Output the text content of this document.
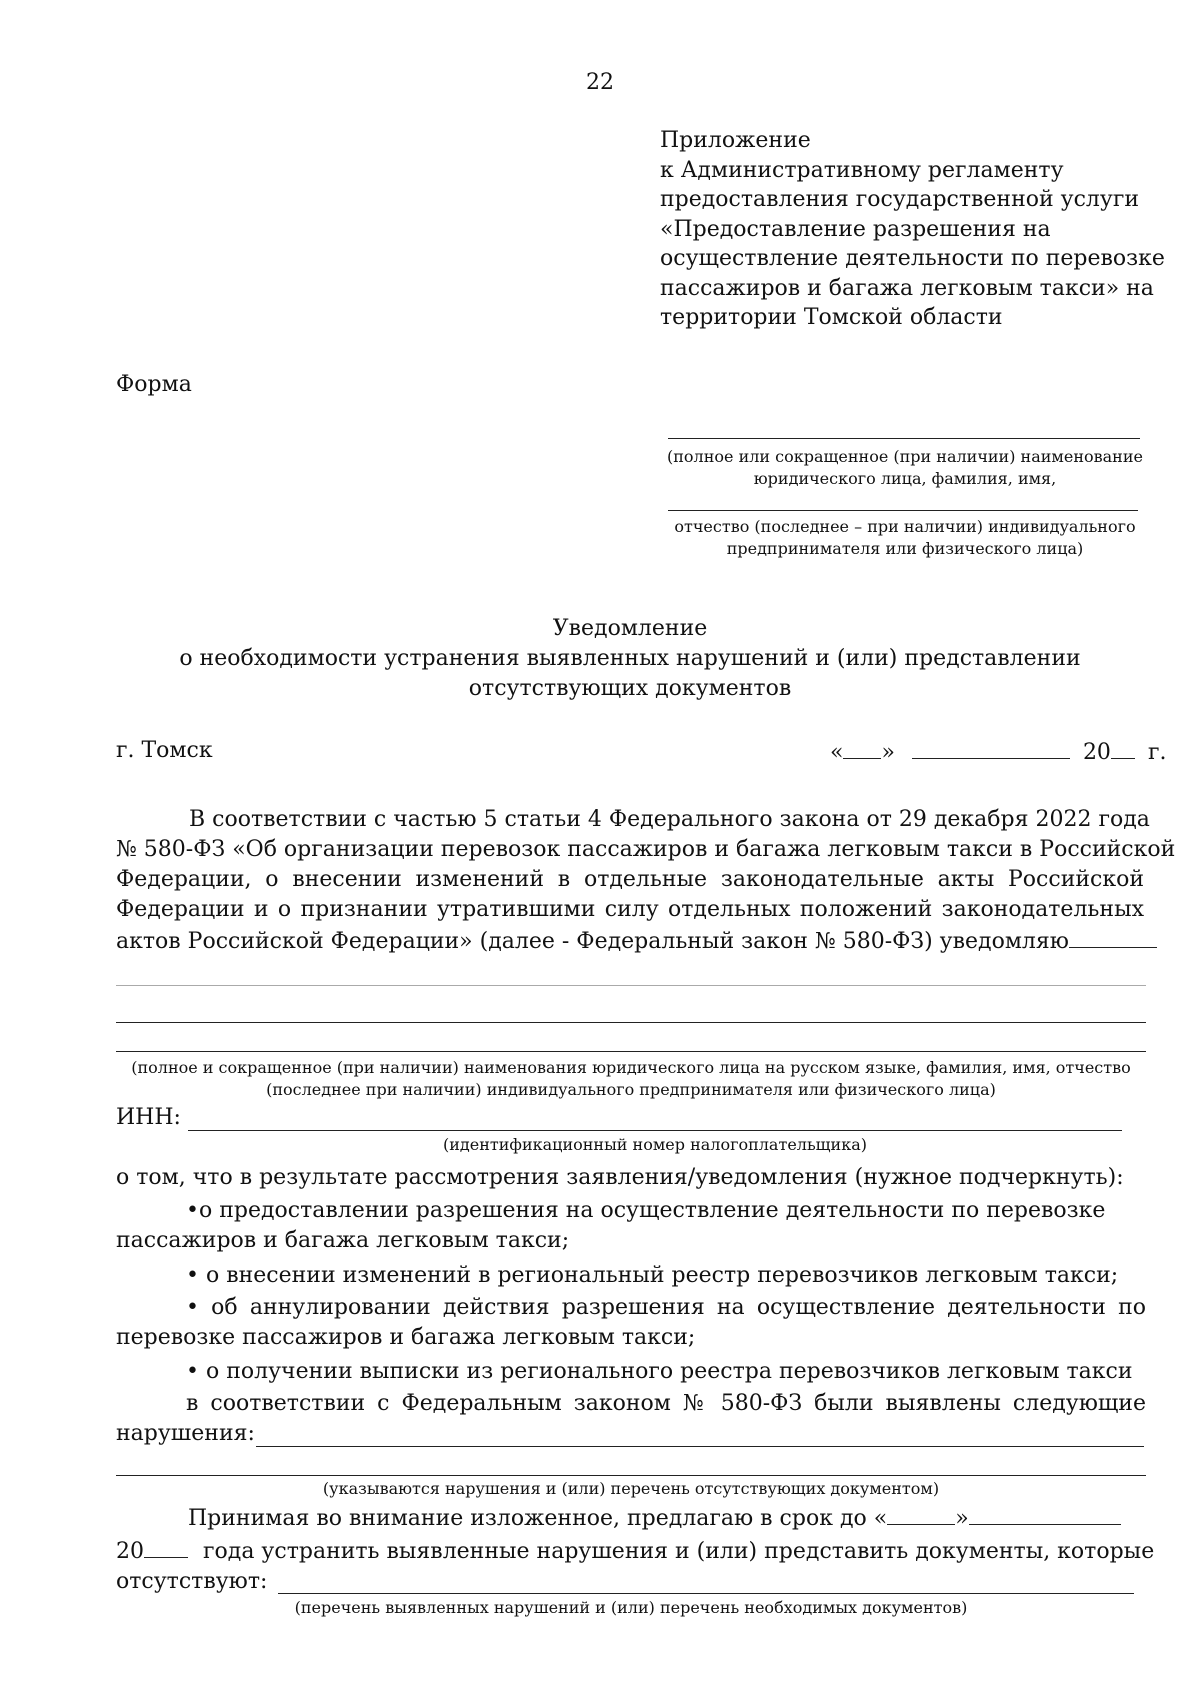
22
Приложение
к Административному регламенту
предоставления государственной услуги
«Предоставление разрешения на
осуществление деятельности по перевозке
пассажиров и багажа легковым такси» на
территории Томской области
Форма
(полное или сокращенное (при наличии) наименование
юридического лица, фамилия, имя,
отчество (последнее – при наличии) индивидуального
предпринимателя или физического лица)
Уведомление
о необходимости устранения выявленных нарушений и (или) представлении
отсутствующих документов
г. Томск	« »	20 г.
В соответствии с частью 5 статьи 4 Федерального закона от 29 декабря 2022 года
№ 580-ФЗ «Об организации перевозок пассажиров и багажа легковым такси в Российской
Федерации, о внесении изменений в отдельные законодательные акты Российской
Федерации и о признании утратившими силу отдельных положений законодательных
актов Российской Федерации» (далее - Федеральный закон № 580-ФЗ) уведомляю
(полное и сокращенное (при наличии) наименования юридического лица на русском языке, фамилия, имя, отчество
(последнее при наличии) индивидуального предпринимателя или физического лица)
ИНН:
(идентификационный номер налогоплательщика)
о том, что в результате рассмотрения заявления/уведомления (нужное подчеркнуть):
•о предоставлении разрешения на осуществление деятельности по перевозке
пассажиров и багажа легковым такси;
• о внесении изменений в региональный реестр перевозчиков легковым такси;
• об аннулировании действия разрешения на осуществление деятельности по
перевозке пассажиров и багажа легковым такси;
• о получении выписки из регионального реестра перевозчиков легковым такси
в соответствии с Федеральным законом № 580-ФЗ были выявлены следующие
нарушения:
(указываются нарушения и (или) перечень отсутствующих документом)
Принимая во внимание изложенное, предлагаю в срок до «	»
20	года устранить выявленные нарушения и (или) представить документы, которые
отсутствуют:
(перечень выявленных нарушений и (или) перечень необходимых документов)
